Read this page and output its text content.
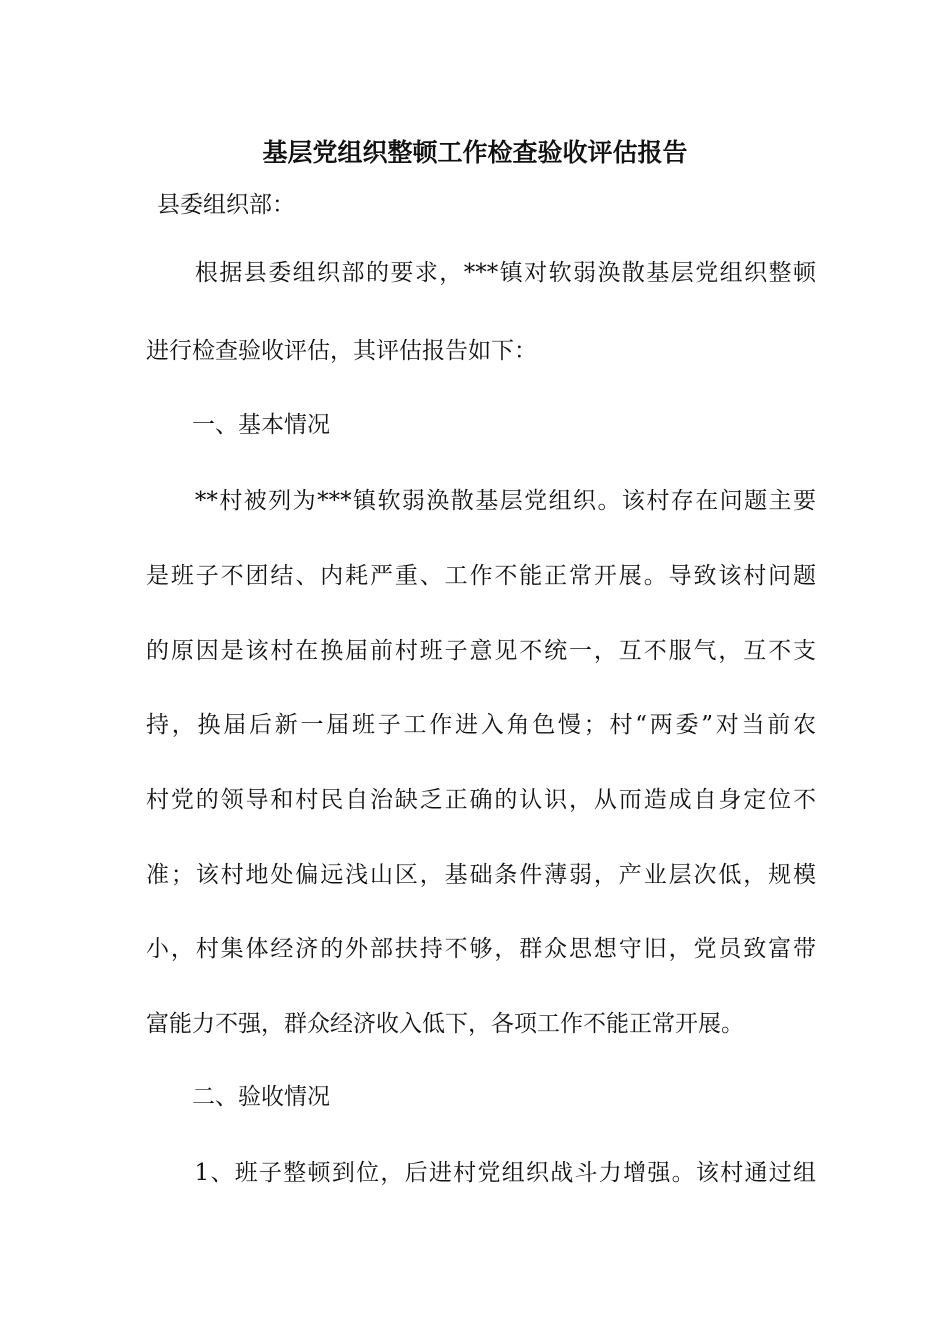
基层党组织整顿工作检查验收评估报告
县委组织部：
　　根据县委组织部的要求，***镇对软弱涣散基层党组织整顿
进行检查验收评估，其评估报告如下：
　　一、基本情况
　　**村被列为***镇软弱涣散基层党组织。该村存在问题主要
是班子不团结、内耗严重、工作不能正常开展。导致该村问题
的原因是该村在换届前村班子意见不统一，互不服气，互不支
持，换届后新一届班子工作进入角色慢；村“两委”对当前农
村党的领导和村民自治缺乏正确的认识，从而造成自身定位不
准；该村地处偏远浅山区，基础条件薄弱，产业层次低，规模
小，村集体经济的外部扶持不够，群众思想守旧，党员致富带
富能力不强，群众经济收入低下，各项工作不能正常开展。
　　二、验收情况
　　1、班子整顿到位，后进村党组织战斗力增强。该村通过组
